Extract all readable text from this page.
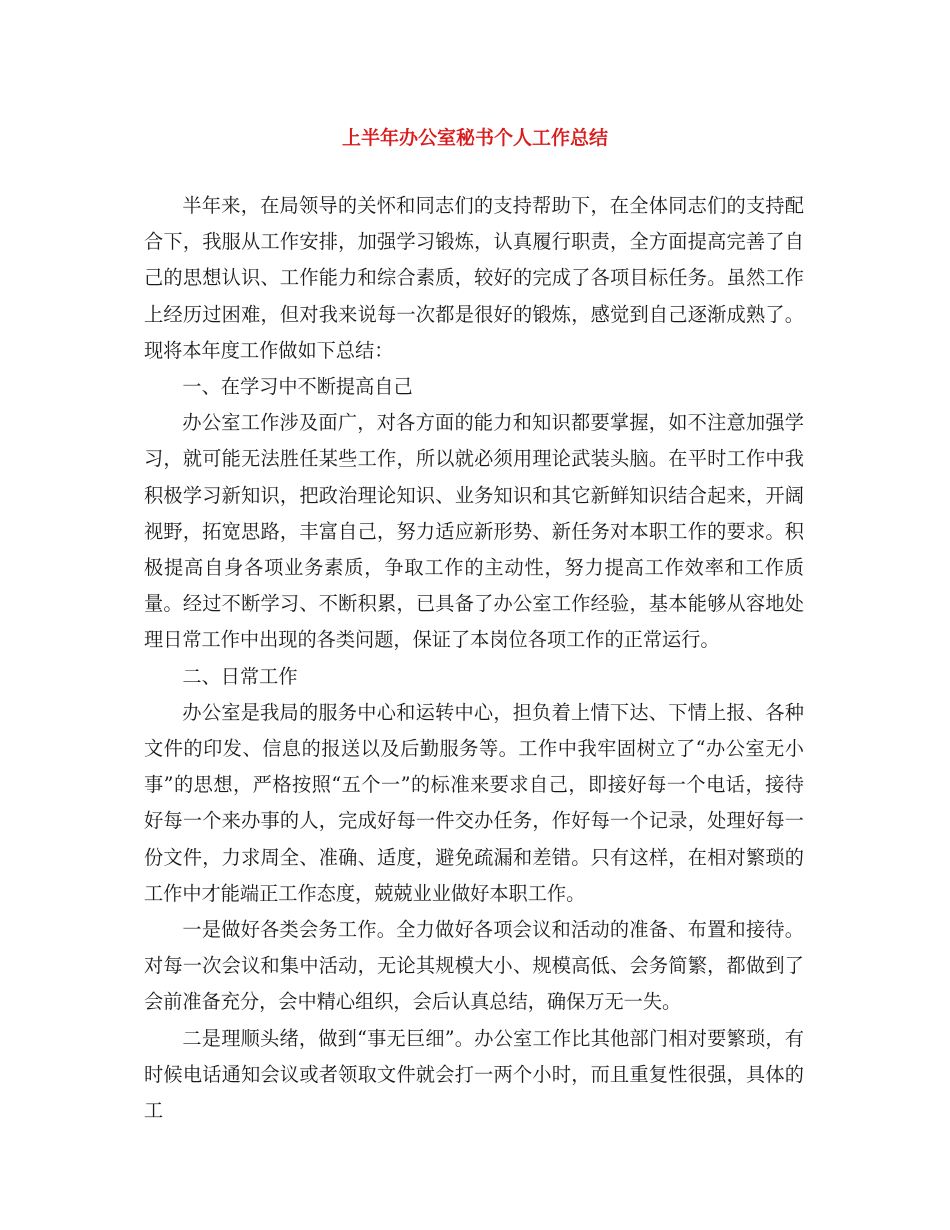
上半年办公室秘书个人工作总结

半年来，在局领导的关怀和同志们的支持帮助下，在全体同志们的支持配合下，我服从工作安排，加强学习锻炼，认真履行职责，全方面提高完善了自己的思想认识、工作能力和综合素质，较好的完成了各项目标任务。虽然工作上经历过困难，但对我来说每一次都是很好的锻炼，感觉到自己逐渐成熟了。现将本年度工作做如下总结：

一、在学习中不断提高自己

办公室工作涉及面广，对各方面的能力和知识都要掌握，如不注意加强学习，就可能无法胜任某些工作，所以就必须用理论武装头脑。在平时工作中我积极学习新知识，把政治理论知识、业务知识和其它新鲜知识结合起来，开阔视野，拓宽思路，丰富自己，努力适应新形势、新任务对本职工作的要求。积极提高自身各项业务素质，争取工作的主动性，努力提高工作效率和工作质量。经过不断学习、不断积累，已具备了办公室工作经验，基本能够从容地处理日常工作中出现的各类问题，保证了本岗位各项工作的正常运行。

二、日常工作

办公室是我局的服务中心和运转中心，担负着上情下达、下情上报、各种文件的印发、信息的报送以及后勤服务等。工作中我牢固树立了“办公室无小事”的思想，严格按照“五个一”的标准来要求自己，即接好每一个电话，接待好每一个来办事的人，完成好每一件交办任务，作好每一个记录，处理好每一份文件，力求周全、准确、适度，避免疏漏和差错。只有这样，在相对繁琐的工作中才能端正工作态度，兢兢业业做好本职工作。

一是做好各类会务工作。全力做好各项会议和活动的准备、布置和接待。对每一次会议和集中活动，无论其规模大小、规模高低、会务简繁，都做到了会前准备充分，会中精心组织，会后认真总结，确保万无一失。

二是理顺头绪，做到“事无巨细”。办公室工作比其他部门相对要繁琐，有时候电话通知会议或者领取文件就会打一两个小时，而且重复性很强，具体的工
